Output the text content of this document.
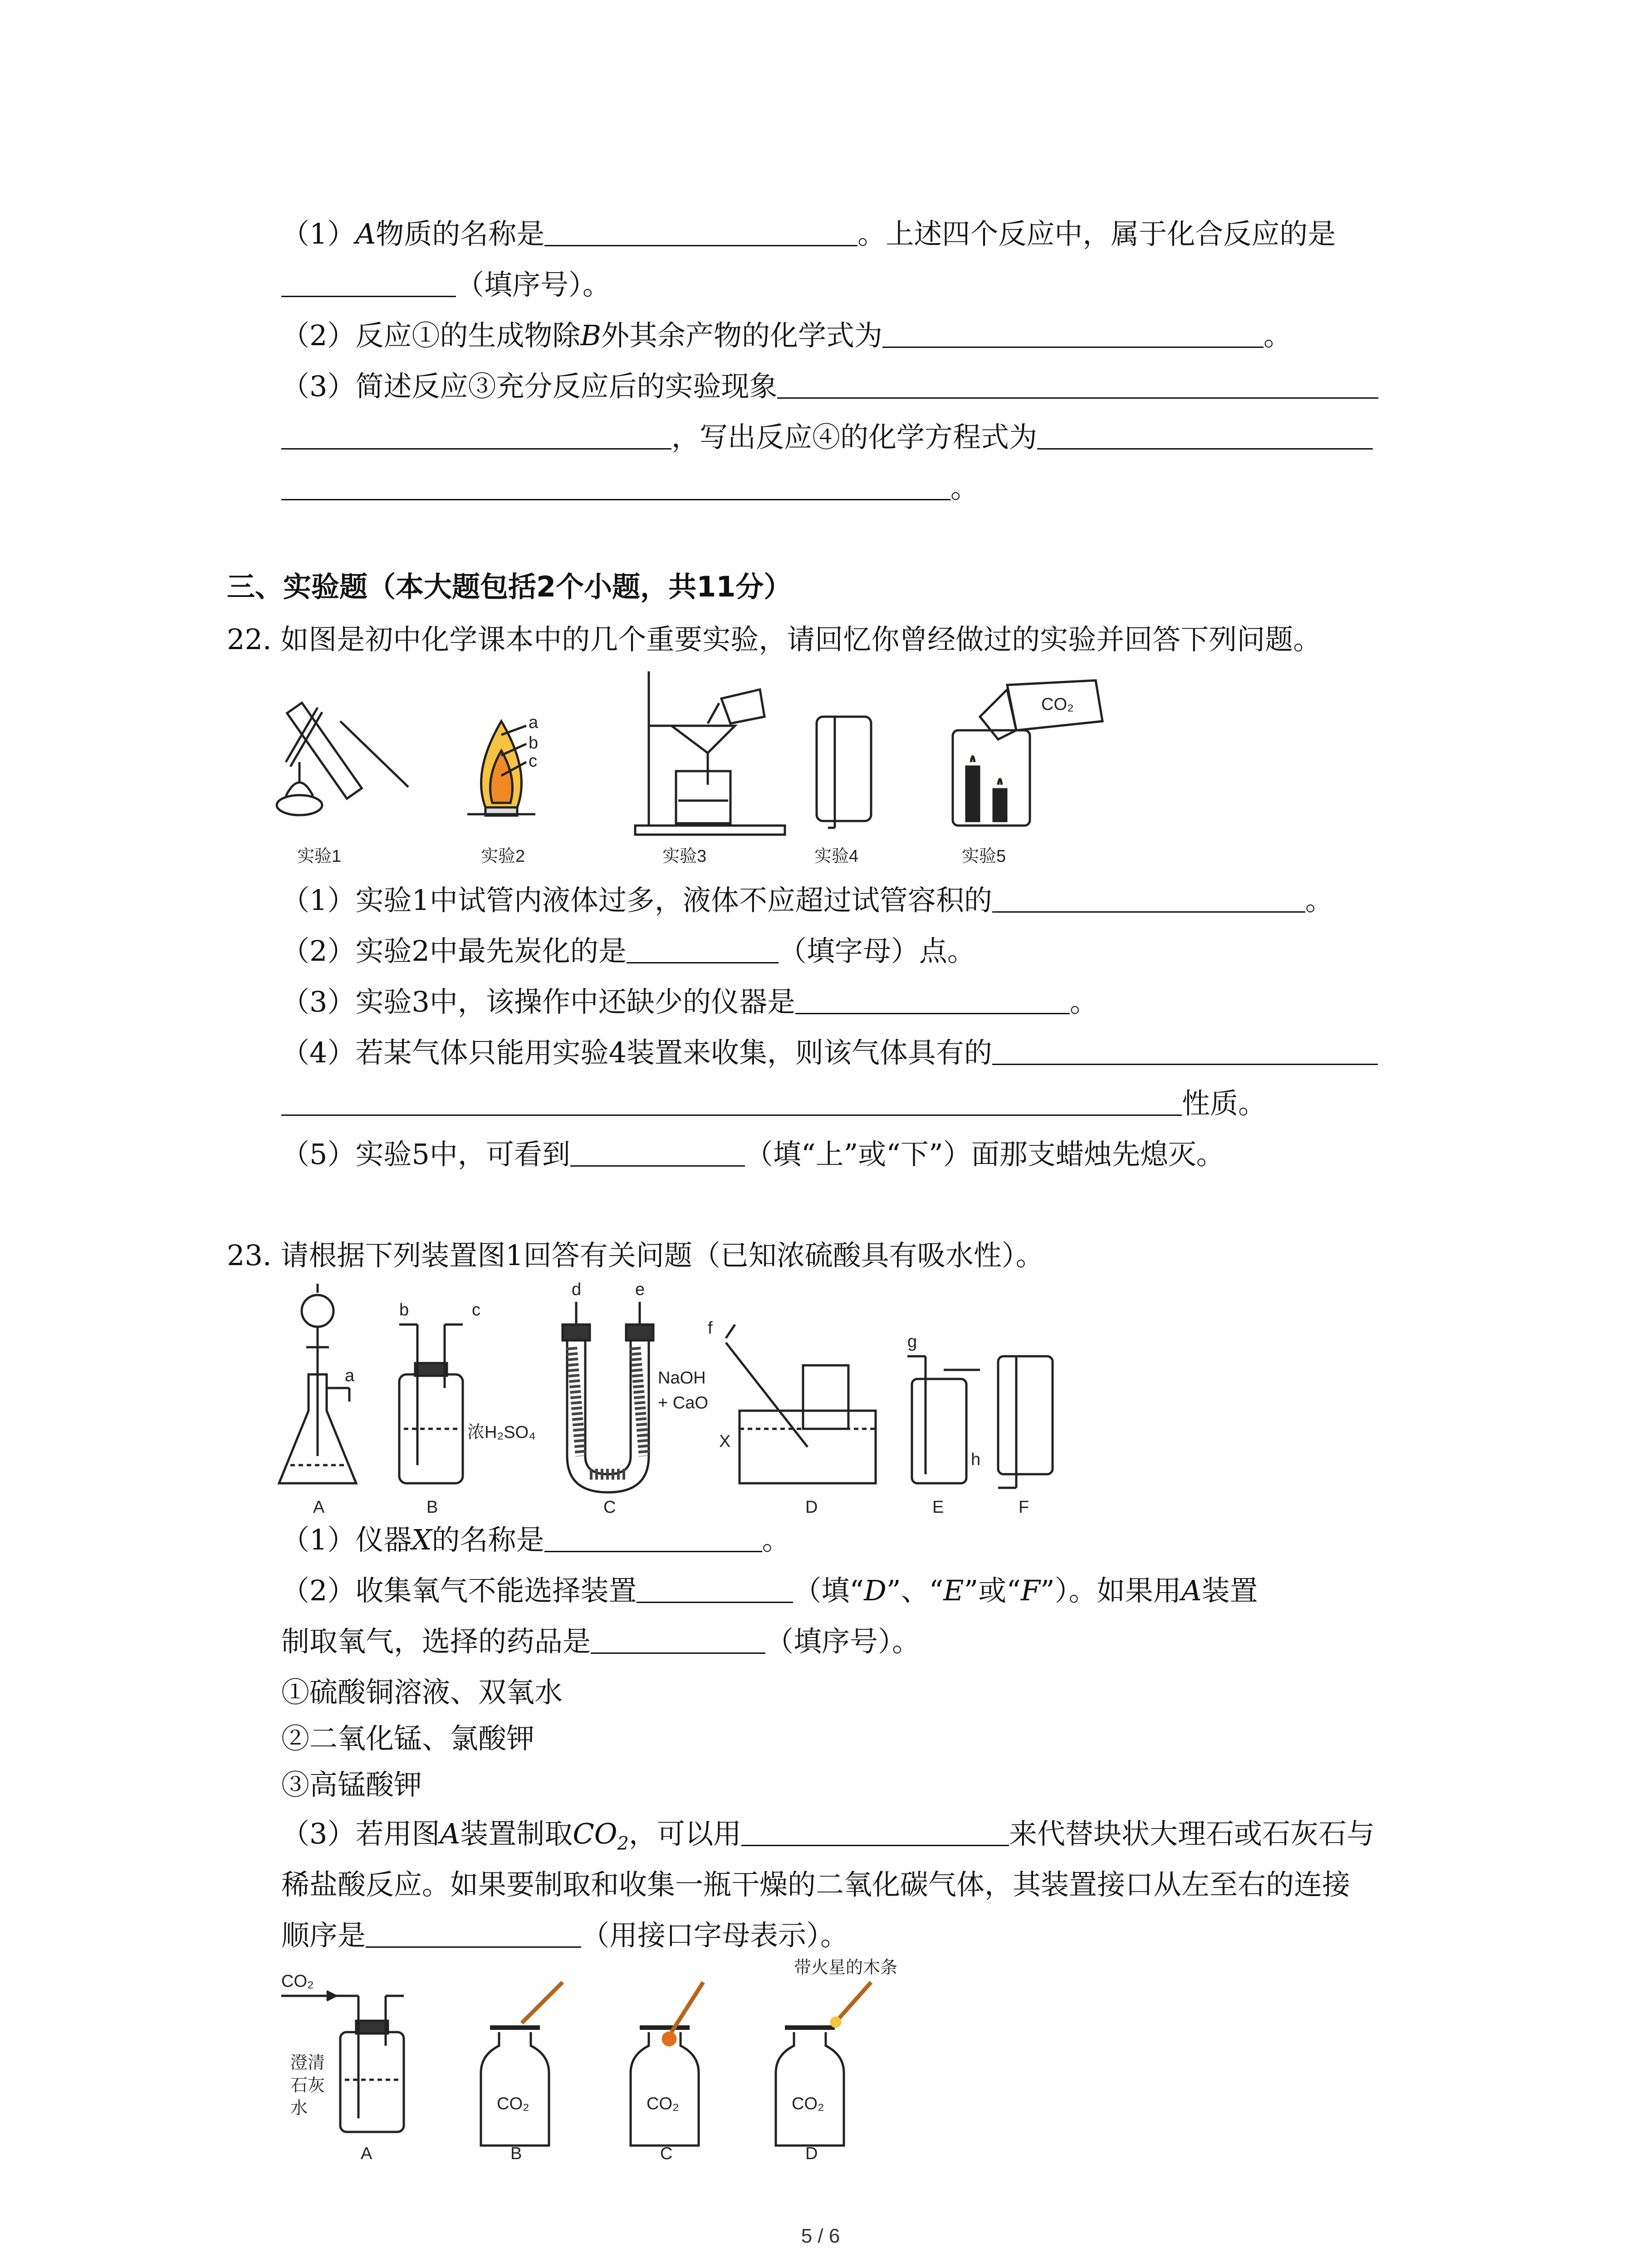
（1）A物质的名称是	。上述四个反应中，属于化合反应的是
（填序号）。
（2）反应①的生成物除B外其余产物的化学式为	。
（3）简述反应③充分反应后的实验现象
，写出反应④的化学方程式为
。
三、实验题（本大题包括2个小题，共11分）
22. 如图是初中化学课本中的几个重要实验，请回忆你曾经做过的实验并回答下列问题。
a
b
c
CO₂
实验1	实验2	实验3	实验4	实验5
（1）实验1中试管内液体过多，液体不应超过试管容积的	。
（2）实验2中最先炭化的是	（填字母）点。
（3）实验3中，该操作中还缺少的仪器是	。
（4）若某气体只能用实验4装置来收集，则该气体具有的
性质。
（5）实验5中，可看到	（填“上”或“下”）面那支蜡烛先熄灭。
23. 请根据下列装置图1回答有关问题（已知浓硫酸具有吸水性）。
a
b	c
d	e
f
g
h
浓H₂SO₄
NaOH
+ CaO
X
A	B	C	D	E	F
（1）仪器X的名称是	。
（2）收集氧气不能选择装置	（填“D”、“E”或“F”）。如果用A装置
制取氧气，选择的药品是	（填序号）。
①硫酸铜溶液、双氧水
②二氧化锰、氯酸钾
③高锰酸钾
（3）若用图A装置制取$CO_2$，可以用	来代替块状大理石或石灰石与
稀盐酸反应。如果要制取和收集一瓶干燥的二氧化碳气体，其装置接口从左至右的连接
顺序是	（用接口字母表示）。
CO₂
澄清
石灰
水
带火星的木条
CO₂	CO₂	CO₂
A	B	C	D
5 / 6
